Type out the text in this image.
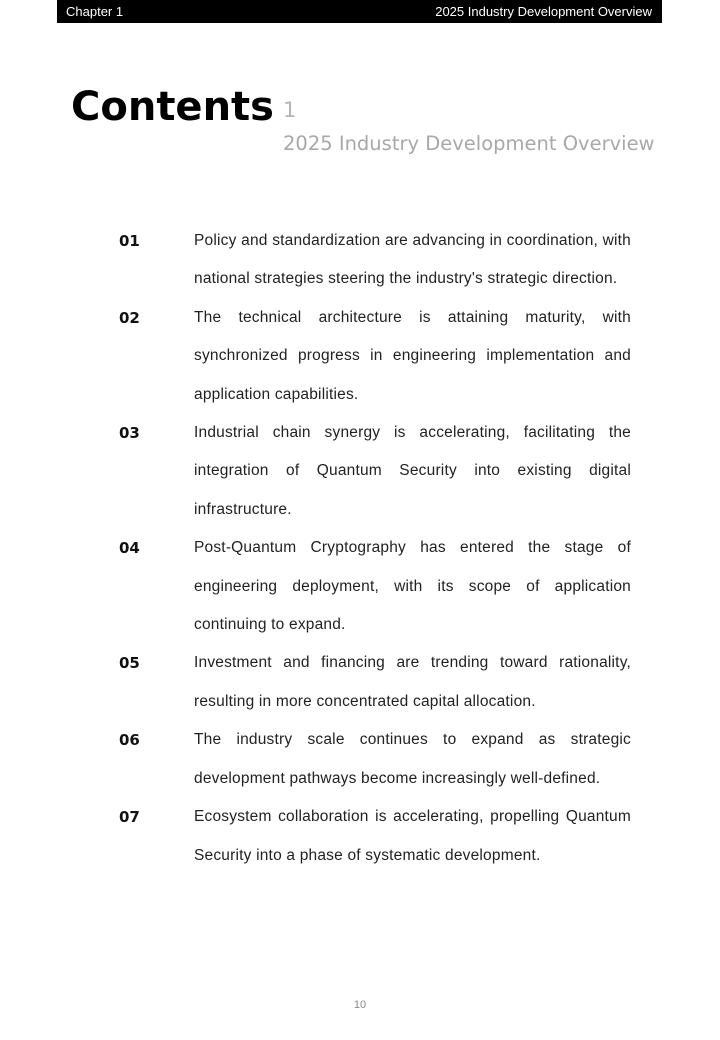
Chapter 1	2025 Industry Development Overview
Contents 1
2025 Industry Development Overview
01	Policy and standardization are advancing in coordination, with national strategies steering the industry's strategic direction.
02	The technical architecture is attaining maturity, with synchronized progress in engineering implementation and application capabilities.
03	Industrial chain synergy is accelerating, facilitating the integration of Quantum Security into existing digital infrastructure.
04	Post-Quantum Cryptography has entered the stage of engineering deployment, with its scope of application continuing to expand.
05	Investment and financing are trending toward rationality, resulting in more concentrated capital allocation.
06	The industry scale continues to expand as strategic development pathways become increasingly well-defined.
07	Ecosystem collaboration is accelerating, propelling Quantum Security into a phase of systematic development.
10
